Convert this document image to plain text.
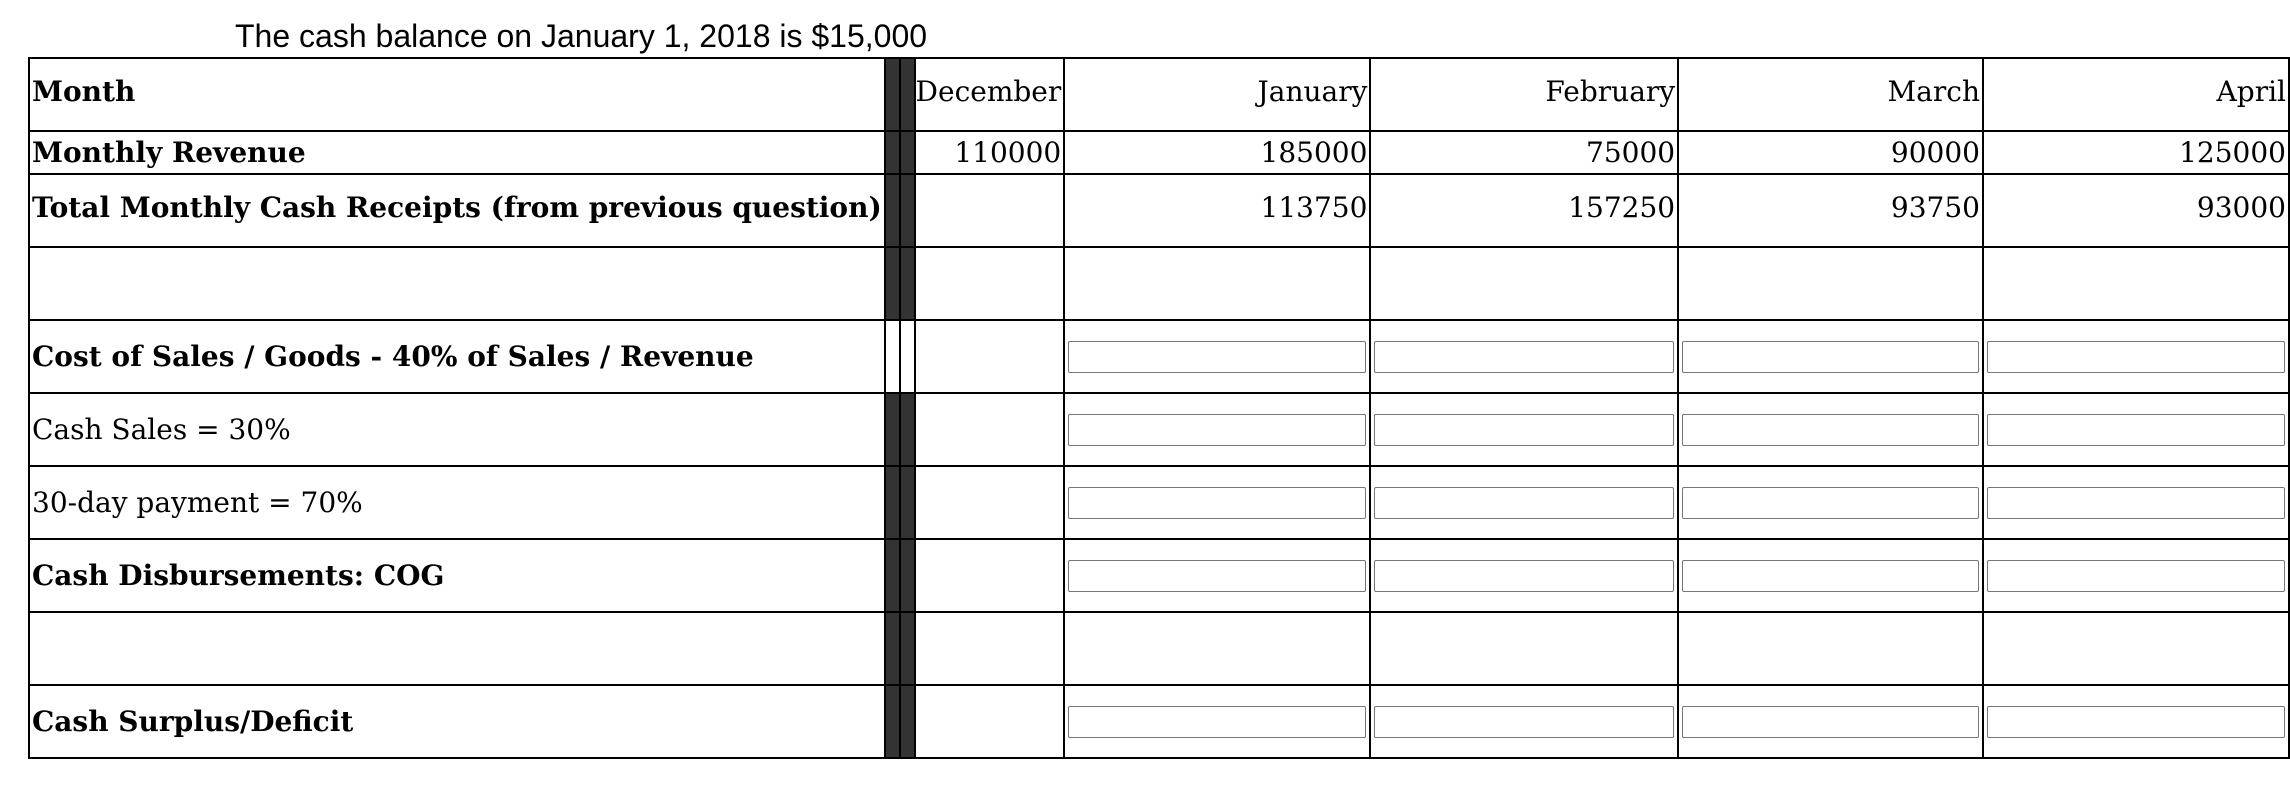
The cash balance on January 1, 2018 is $15,000
Month			December	January	February	March	April
Monthly Revenue			110000	185000	75000	90000	125000
Total Monthly Cash Receipts (from previous question)				113750	157250	93750	93000

Cost of Sales / Goods - 40% of Sales / Revenue				

Cash Sales = 30%				

30-day payment = 70%				

Cash Disbursements: COG				

Cash Surplus/Deficit				
